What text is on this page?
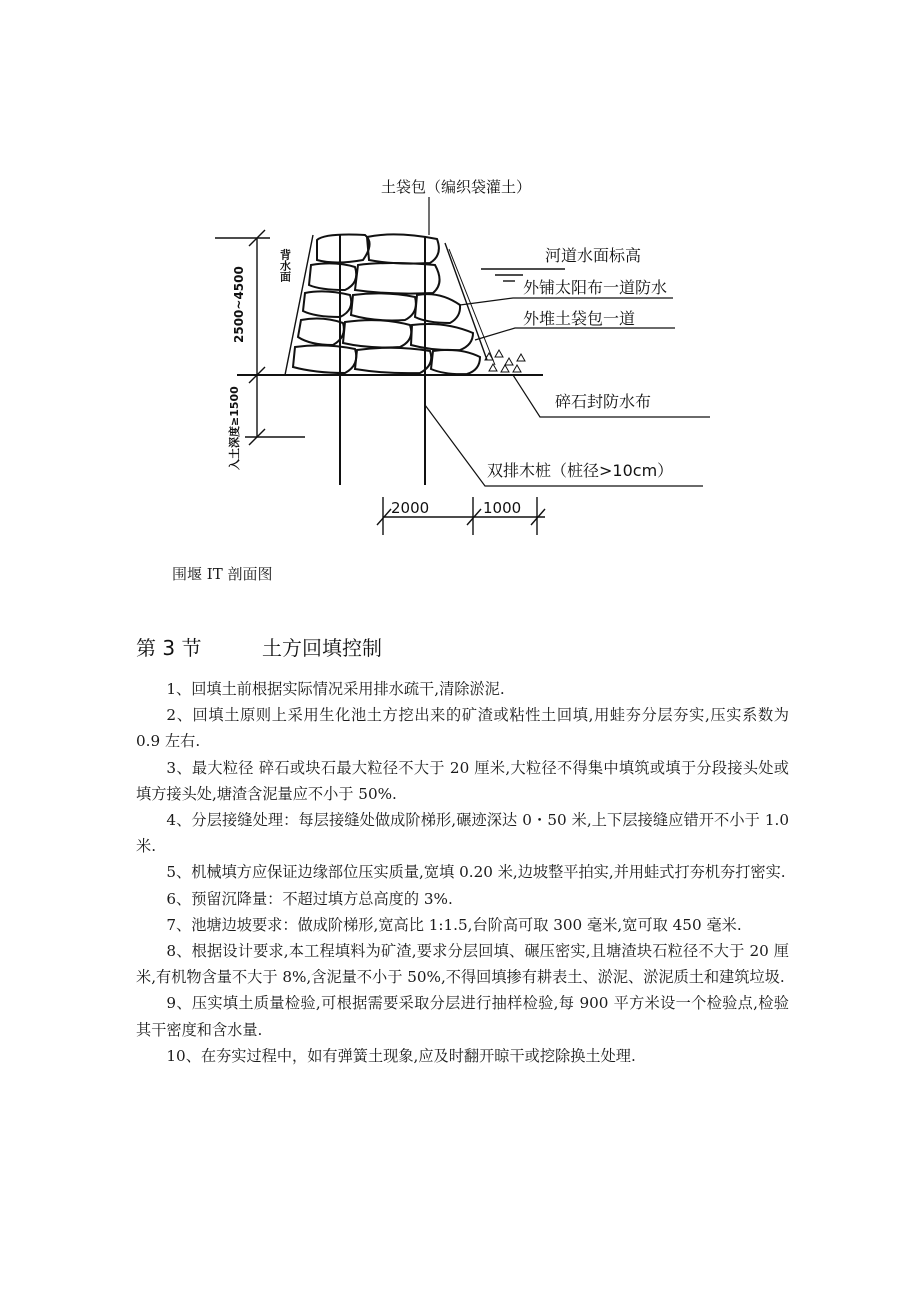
土袋包（编织袋灌土）
河道水面标高
外铺太阳布一道防水
外堆土袋包一道
碎石封防水布
双排木桩（桩径>10cm）
2000	1000
2500~4500
入土深度≥1500
背水面
围堰 IT 剖面图
第 3 节	土方回填控制

1、回填土前根据实际情况采用排水疏干,清除淤泥.

2、回填土原则上采用生化池土方挖出来的矿渣或粘性土回填,用蛙夯分层夯实,压实系数为 0.9 左右.

3、最大粒径 碎石或块石最大粒径不大于 20 厘米,大粒径不得集中填筑或填于分段接头处或填方接头处,塘渣含泥量应不小于 50%.

4、分层接缝处理：每层接缝处做成阶梯形,碾迹深达 0・50 米,上下层接缝应错开不小于 1.0 米.

5、机械填方应保证边缘部位压实质量,宽填 0.20 米,边坡整平拍实,并用蛙式打夯机夯打密实.

6、预留沉降量：不超过填方总高度的 3%.

7、池塘边坡要求：做成阶梯形,宽高比 1:1.5,台阶高可取 300 毫米,宽可取 450 毫米.

8、根据设计要求,本工程填料为矿渣,要求分层回填、碾压密实,且塘渣块石粒径不大于 20 厘米,有机物含量不大于 8%,含泥量不小于 50%,不得回填掺有耕表土、淤泥、淤泥质土和建筑垃圾.

9、压实填土质量检验,可根据需要采取分层进行抽样检验,每 900 平方米设一个检验点,检验其干密度和含水量.

10、在夯实过程中，如有弹簧土现象,应及时翻开晾干或挖除换土处理.
